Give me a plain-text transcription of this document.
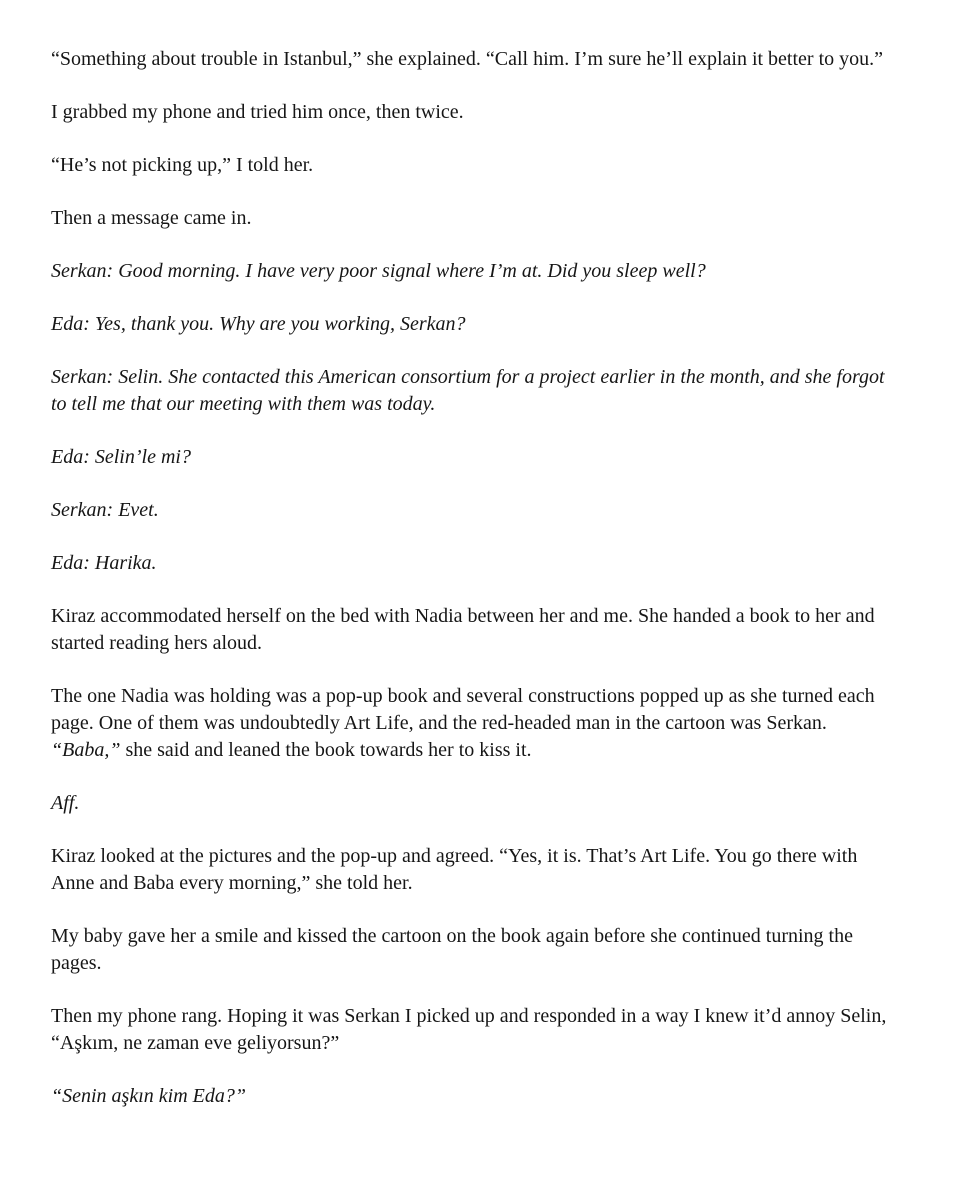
“Something about trouble in Istanbul,” she explained. “Call him. I’m sure he’ll explain it better to you.”

I grabbed my phone and tried him once, then twice.

“He’s not picking up,” I told her.

Then a message came in.

Serkan: Good morning. I have very poor signal where I’m at. Did you sleep well?

Eda: Yes, thank you. Why are you working, Serkan?

Serkan: Selin. She contacted this American consortium for a project earlier in the month, and she forgot to tell me that our meeting with them was today.

Eda: Selin’le mi?

Serkan: Evet.

Eda: Harika.

Kiraz accommodated herself on the bed with Nadia between her and me. She handed a book to her and started reading hers aloud.

The one Nadia was holding was a pop-up book and several constructions popped up as she turned each page. One of them was undoubtedly Art Life, and the red-headed man in the cartoon was Serkan. “Baba,” she said and leaned the book towards her to kiss it.

Aff.

Kiraz looked at the pictures and the pop-up and agreed. “Yes, it is. That’s Art Life. You go there with Anne and Baba every morning,” she told her.

My baby gave her a smile and kissed the cartoon on the book again before she continued turning the pages.

Then my phone rang. Hoping it was Serkan I picked up and responded in a way I knew it’d annoy Selin, “Aşkım, ne zaman eve geliyorsun?”

“Senin aşkın kim Eda?”
